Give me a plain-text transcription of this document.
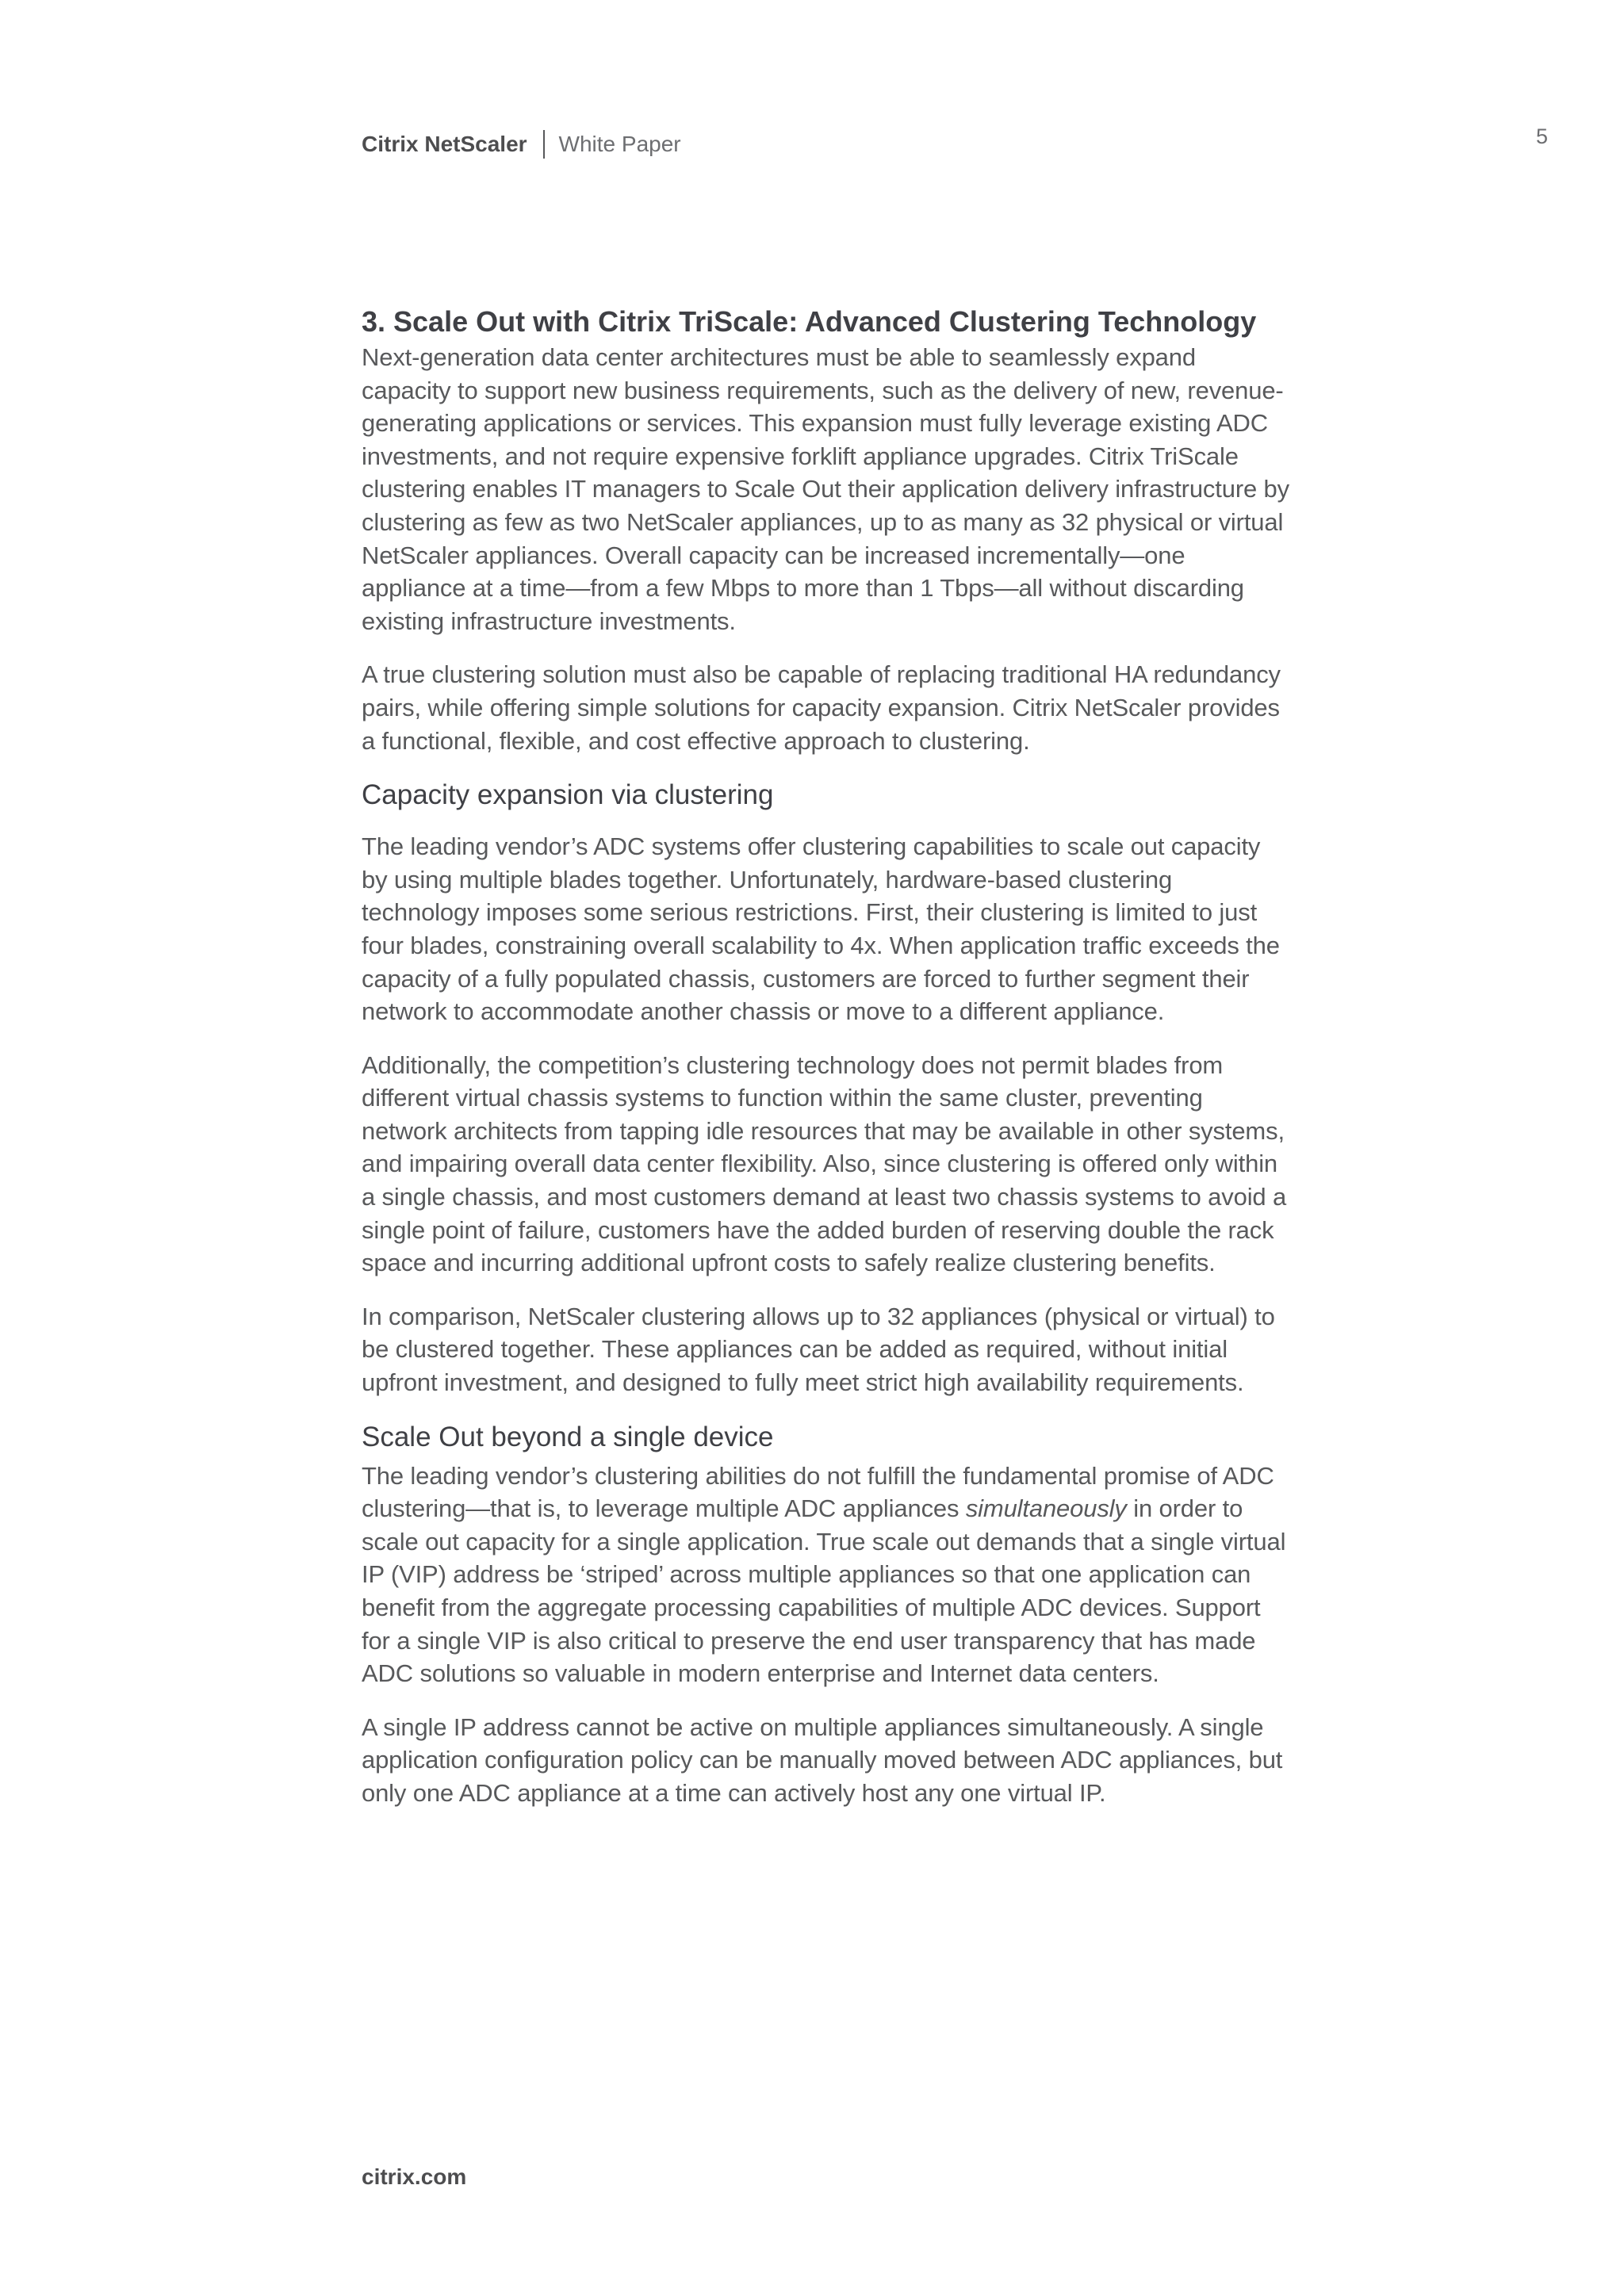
Citrix NetScaler White Paper	5
3. Scale Out with Citrix TriScale: Advanced Clustering Technology

Next-generation data center architectures must be able to seamlessly expand capacity to support new business requirements, such as the delivery of new, revenue-generating applications or services. This expansion must fully leverage existing ADC investments, and not require expensive forklift appliance upgrades. Citrix TriScale clustering enables IT managers to Scale Out their application delivery infrastructure by clustering as few as two NetScaler appliances, up to as many as 32 physical or virtual NetScaler appliances. Overall capacity can be increased incrementally—one appliance at a time—from a few Mbps to more than 1 Tbps—all without discarding existing infrastructure investments.

A true clustering solution must also be capable of replacing traditional HA redundancy pairs, while offering simple solutions for capacity expansion. Citrix NetScaler provides a functional, flexible, and cost effective approach to clustering.

Capacity expansion via clustering

The leading vendor’s ADC systems offer clustering capabilities to scale out capacity by using multiple blades together. Unfortunately, hardware-based clustering technology imposes some serious restrictions. First, their clustering is limited to just four blades, constraining overall scalability to 4x. When application traffic exceeds the capacity of a fully populated chassis, customers are forced to further segment their network to accommodate another chassis or move to a different appliance.

Additionally, the competition’s clustering technology does not permit blades from different virtual chassis systems to function within the same cluster, preventing network architects from tapping idle resources that may be available in other systems, and impairing overall data center flexibility. Also, since clustering is offered only within a single chassis, and most customers demand at least two chassis systems to avoid a single point of failure, customers have the added burden of reserving double the rack space and incurring additional upfront costs to safely realize clustering benefits.

In comparison, NetScaler clustering allows up to 32 appliances (physical or virtual) to be clustered together. These appliances can be added as required, without initial upfront investment, and designed to fully meet strict high availability requirements.

Scale Out beyond a single device

The leading vendor’s clustering abilities do not fulfill the fundamental promise of ADC clustering—that is, to leverage multiple ADC appliances simultaneously in order to scale out capacity for a single application. True scale out demands that a single virtual IP (VIP) address be ‘striped’ across multiple appliances so that one application can benefit from the aggregate processing capabilities of multiple ADC devices. Support for a single VIP is also critical to preserve the end user transparency that has made ADC solutions so valuable in modern enterprise and Internet data centers.

A single IP address cannot be active on multiple appliances simultaneously. A single application configuration policy can be manually moved between ADC appliances, but only one ADC appliance at a time can actively host any one virtual IP.

citrix.com
